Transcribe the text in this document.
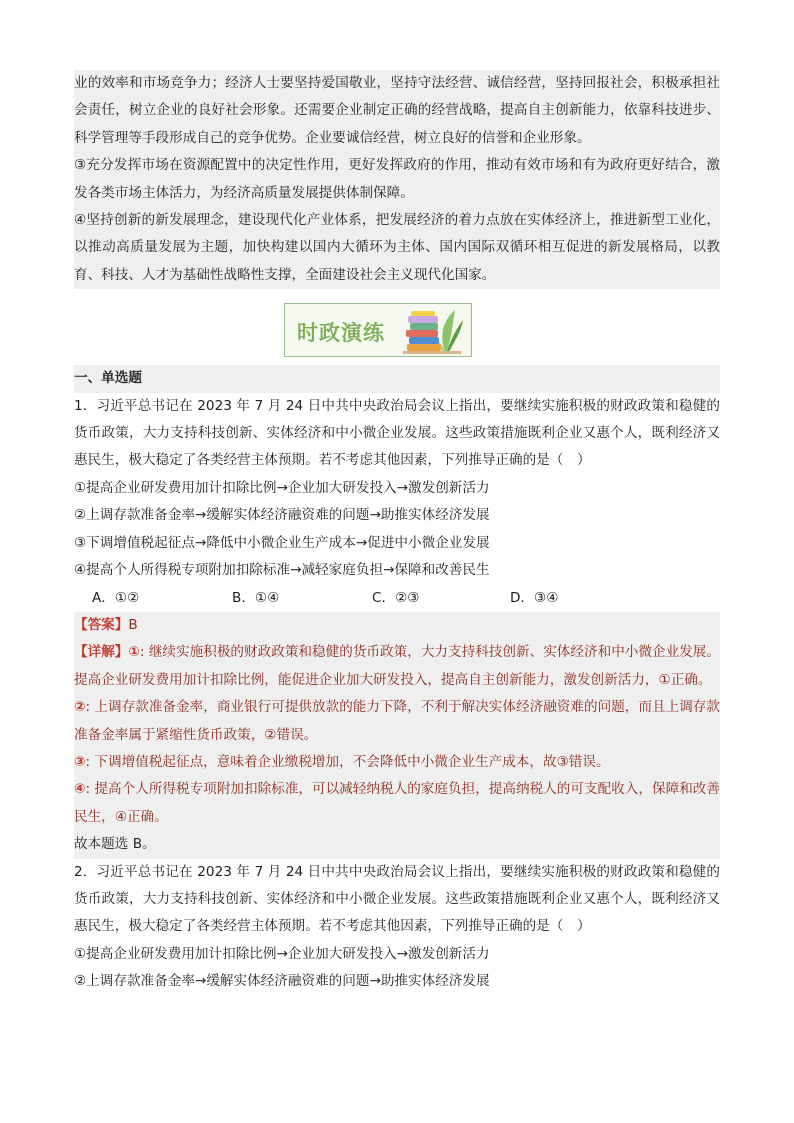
业的效率和市场竞争力；经济人士要坚持爱国敬业，坚持守法经营、诚信经营，坚持回报社会，积极承担社会责任，树立企业的良好社会形象。还需要企业制定正确的经营战略，提高自主创新能力，依靠科技进步、科学管理等手段形成自己的竞争优势。企业要诚信经营，树立良好的信誉和企业形象。

③充分发挥市场在资源配置中的决定性作用，更好发挥政府的作用，推动有效市场和有为政府更好结合，激发各类市场主体活力，为经济高质量发展提供体制保障。

④坚持创新的新发展理念，建设现代化产业体系，把发展经济的着力点放在实体经济上，推进新型工业化，以推动高质量发展为主题，加快构建以国内大循环为主体、国内国际双循环相互促进的新发展格局，以教育、科技、人才为基础性战略性支撑，全面建设社会主义现代化国家。

时政演练

一、单选题

1．习近平总书记在 2023 年 7 月 24 日中共中央政治局会议上指出，要继续实施积极的财政政策和稳健的货币政策，大力支持科技创新、实体经济和中小微企业发展。这些政策措施既利企业又惠个人，既利经济又惠民生，极大稳定了各类经营主体预期。若不考虑其他因素，下列推导正确的是（　）

①提高企业研发费用加计扣除比例→企业加大研发投入→激发创新活力

②上调存款准备金率→缓解实体经济融资难的问题→助推实体经济发展

③下调增值税起征点→降低中小微企业生产成本→促进中小微企业发展

④提高个人所得税专项附加扣除标准→减轻家庭负担→保障和改善民生

A．①②	B．①④	C．②③	D．③④

【答案】B

【详解】①: 继续实施积极的财政政策和稳健的货币政策，大力支持科技创新、实体经济和中小微企业发展。提高企业研发费用加计扣除比例，能促进企业加大研发投入，提高自主创新能力，激发创新活力，①正确。

②: 上调存款准备金率，商业银行可提供放款的能力下降，不利于解决实体经济融资难的问题，而且上调存款准备金率属于紧缩性货币政策，②错误。

③: 下调增值税起征点，意味着企业缴税增加，不会降低中小微企业生产成本，故③错误。

④: 提高个人所得税专项附加扣除标准，可以减轻纳税人的家庭负担，提高纳税人的可支配收入，保障和改善民生，④正确。

故本题选 B。

2．习近平总书记在 2023 年 7 月 24 日中共中央政治局会议上指出，要继续实施积极的财政政策和稳健的货币政策，大力支持科技创新、实体经济和中小微企业发展。这些政策措施既利企业又惠个人，既利经济又惠民生，极大稳定了各类经营主体预期。若不考虑其他因素，下列推导正确的是（　）

①提高企业研发费用加计扣除比例→企业加大研发投入→激发创新活力

②上调存款准备金率→缓解实体经济融资难的问题→助推实体经济发展
